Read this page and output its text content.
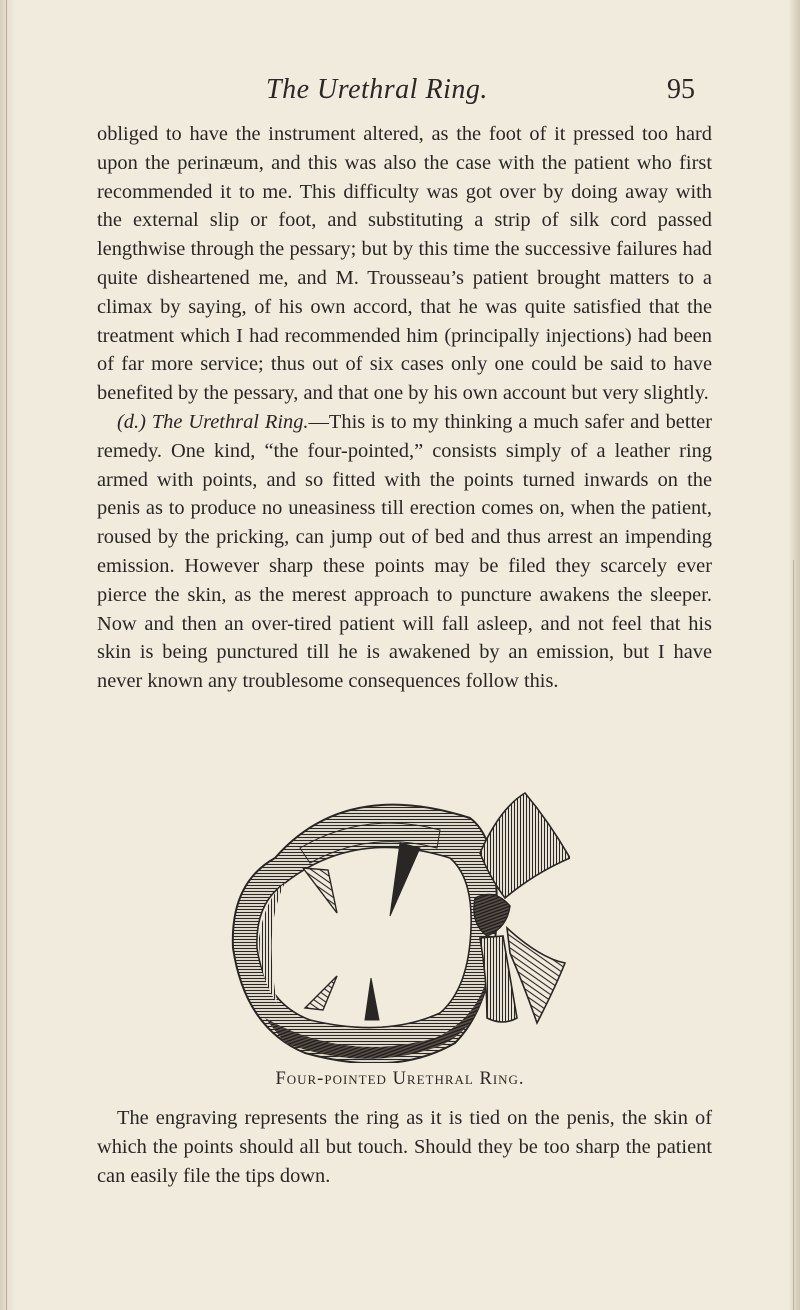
The Urethral Ring.	95

obliged to have the instrument altered, as the foot of it pressed too hard upon the perinæum, and this was also the case with the patient who first recommended it to me. This difficulty was got over by doing away with the external slip or foot, and substituting a strip of silk cord passed lengthwise through the pessary; but by this time the successive failures had quite disheartened me, and M. Trousseau’s patient brought matters to a climax by saying, of his own accord, that he was quite satisfied that the treatment which I had recommended him (principally injections) had been of far more service; thus out of six cases only one could be said to have benefited by the pessary, and that one by his own account but very slightly.

(d.) The Urethral Ring.—This is to my thinking a much safer and better remedy. One kind, “the four-pointed,” consists simply of a leather ring armed with points, and so fitted with the points turned inwards on the penis as to produce no uneasiness till erection comes on, when the patient, roused by the pricking, can jump out of bed and thus arrest an impending emission. However sharp these points may be filed they scarcely ever pierce the skin, as the merest approach to puncture awakens the sleeper. Now and then an over-tired patient will fall asleep, and not feel that his skin is being punctured till he is awakened by an emission, but I have never known any troublesome consequences follow this.

Four-pointed Urethral Ring.

The engraving represents the ring as it is tied on the penis, the skin of which the points should all but touch. Should they be too sharp the patient can easily file the tips down.
